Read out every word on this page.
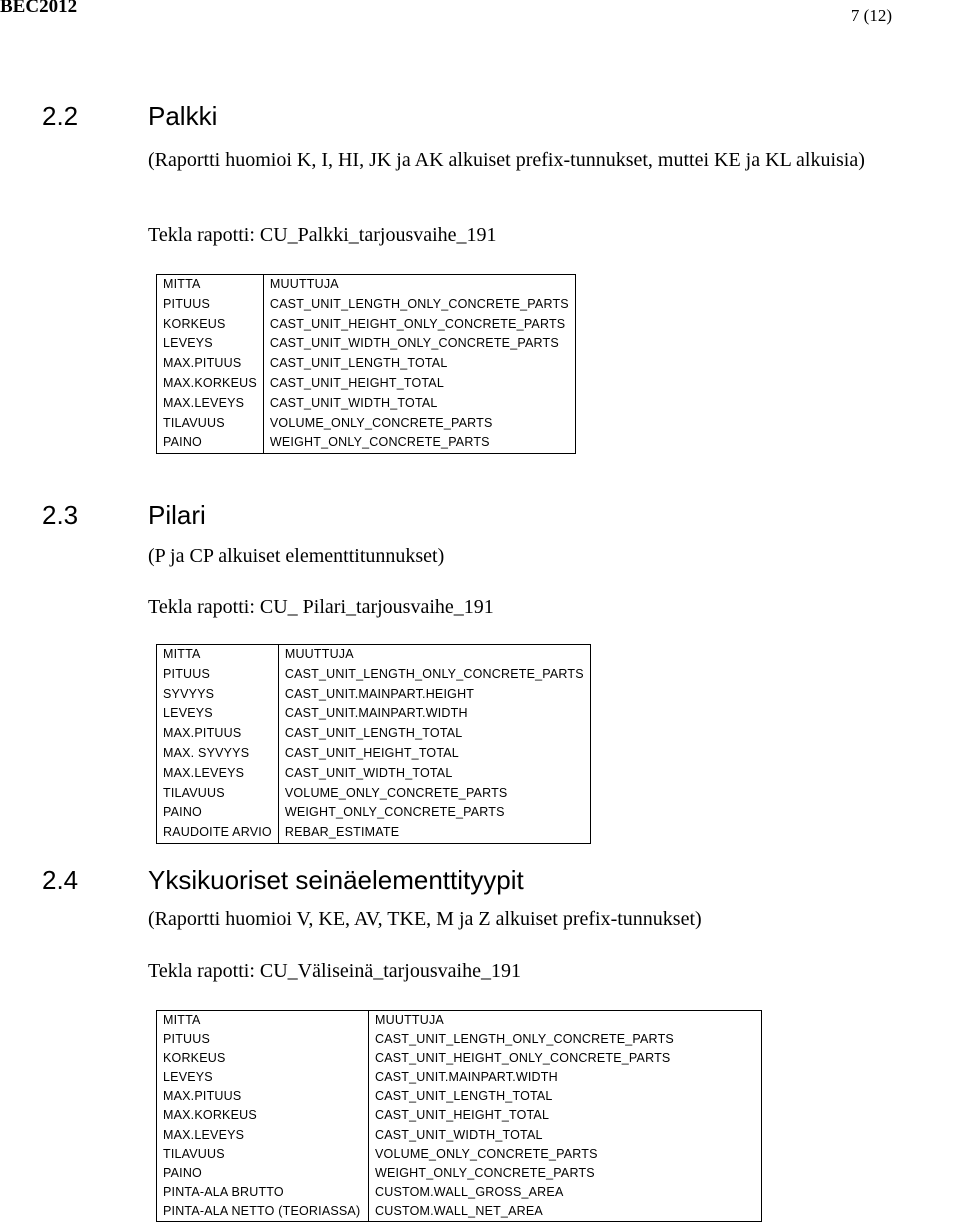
BEC2012	7 (12)
2.2	Palkki

(Raportti huomioi K, I, HI, JK ja AK alkuiset prefix-tunnukset, muttei KE ja KL alkuisia)

Tekla rapotti: CU_Palkki_tarjousvaihe_191

MITTA	MUUTTUJA
PITUUS	CAST_UNIT_LENGTH_ONLY_CONCRETE_PARTS
KORKEUS	CAST_UNIT_HEIGHT_ONLY_CONCRETE_PARTS
LEVEYS	CAST_UNIT_WIDTH_ONLY_CONCRETE_PARTS
MAX.PITUUS	CAST_UNIT_LENGTH_TOTAL
MAX.KORKEUS	CAST_UNIT_HEIGHT_TOTAL
MAX.LEVEYS	CAST_UNIT_WIDTH_TOTAL
TILAVUUS	VOLUME_ONLY_CONCRETE_PARTS
PAINO	WEIGHT_ONLY_CONCRETE_PARTS
2.3	Pilari

(P ja CP alkuiset elementtitunnukset)

Tekla rapotti: CU_ Pilari_tarjousvaihe_191

MITTA	MUUTTUJA
PITUUS	CAST_UNIT_LENGTH_ONLY_CONCRETE_PARTS
SYVYYS	CAST_UNIT.MAINPART.HEIGHT
LEVEYS	CAST_UNIT.MAINPART.WIDTH
MAX.PITUUS	CAST_UNIT_LENGTH_TOTAL
MAX. SYVYYS	CAST_UNIT_HEIGHT_TOTAL
MAX.LEVEYS	CAST_UNIT_WIDTH_TOTAL
TILAVUUS	VOLUME_ONLY_CONCRETE_PARTS
PAINO	WEIGHT_ONLY_CONCRETE_PARTS
RAUDOITE ARVIO	REBAR_ESTIMATE
2.4	Yksikuoriset seinäelementtityypit

(Raportti huomioi V, KE, AV, TKE, M ja Z alkuiset prefix-tunnukset)

Tekla rapotti: CU_Väliseinä_tarjousvaihe_191

MITTA	MUUTTUJA
PITUUS	CAST_UNIT_LENGTH_ONLY_CONCRETE_PARTS
KORKEUS	CAST_UNIT_HEIGHT_ONLY_CONCRETE_PARTS
LEVEYS	CAST_UNIT.MAINPART.WIDTH
MAX.PITUUS	CAST_UNIT_LENGTH_TOTAL
MAX.KORKEUS	CAST_UNIT_HEIGHT_TOTAL
MAX.LEVEYS	CAST_UNIT_WIDTH_TOTAL
TILAVUUS	VOLUME_ONLY_CONCRETE_PARTS
PAINO	WEIGHT_ONLY_CONCRETE_PARTS
PINTA-ALA BRUTTO	CUSTOM.WALL_GROSS_AREA
PINTA-ALA NETTO (TEORIASSA)	CUSTOM.WALL_NET_AREA
